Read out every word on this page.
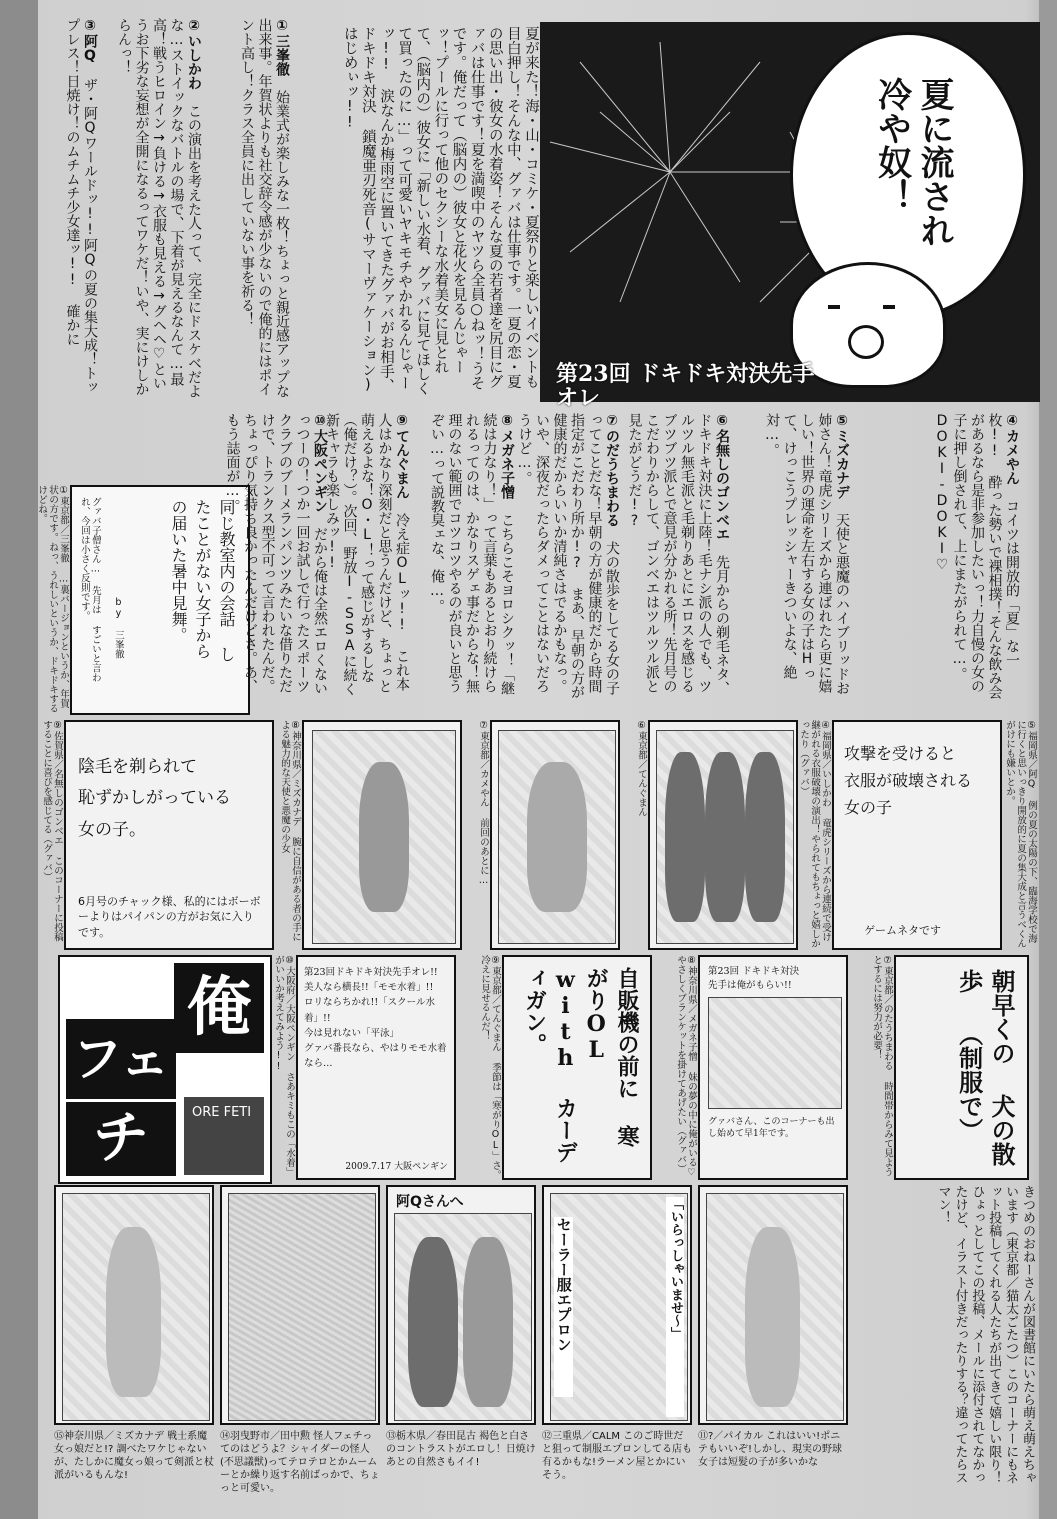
①三峯徹　始業式が楽しみな一枚！ちょっと親近感アップな出来事。年賀状よりも社交辞令感が少ないので俺的にはポイント高し！クラス全員に出していない事を祈る！
②いしかわ　この演出を考えた人って、完全にドスケベだよな…ストイックなバトルの場で、下着が見えるなんて…最高！戦うヒロイン→負ける→衣服も見える→グヘヘ♡というお下劣な妄想が全開になるってワケだ！いや、実にけしからんっ！
③阿Q　ザ・阿Qワールドッ!!阿Qの夏の集大成！トップレス！日焼け！のムチムチ少女達ッ!! 確かに	夏が来た！海・山・コミケ・夏祭りと楽しいイベントも目白押し！そんな中、グァバは仕事です。一夏の恋・夏の思い出・彼女の水着姿！そんな夏の若者達を尻目にグァバは仕事です！夏を満喫中のヤツら全員○ねッ！うそです。俺だって（脳内の）彼女と花火を見るんじゃーッ！プールに行って他のセクシーな水着美女に見とれて、（脳内の）彼女に「新しい水着、グァバに見てほしくて買ったのに…」って可愛いヤキモチやかれるんじゃーッ!! 涙なんか梅雨空に置いてきたグァバがお相手、ドキドキ対決 鎖魔亜刃死音(サマーヴァケーション)はじめぃッ!!	夏に流され冷や奴！
第23回 ドキドキ対決先手オレ
同じ教室内の会話 したことがない女子から の届いた暑中見舞。
by 三峯徹
グァバ子僧さん… 先月は すごいと言われ、今回は小さく反則です。
①東京都／三峯徹 …裏バージョンというか、年賀状の方です。ねっ、うれしいというか、ドキドキするけどね。
⑩大阪ペンギン　だから俺は全然エロくないっつーの！つか一回お試しで行ったスポーツクラブのブーメランパンツみたいな借りただけで、トランクス型不可って言われたんだ。ちょっぴり気持ち良かったんだけどさ。あ、もう誌面が…。	⑨てんぐまん　冷え症OLッ!! これ本人はかなり深刻だと思うんだけど、ちょっと萌えるよな！O・L！って感じがするしな（俺だけ？）。次回、野放I-SSAに続く新キャラも楽しみッ!!	⑧メガネ子憎　こちらこそヨロシクッ！「継続は力なり！」って言葉もあるとおり続けられるってのは、かなりスゲェ事だからな！無理のない範囲でコツコツやるのが良いと思うぞい…って説教臭ェな、俺…。	⑦のだうちまわる　犬の散歩をしてる女の子ってことだな！早朝の方が健康的だから時間指定がこだわり所か!? まあ、早朝の方が健康的だからいいか清純さはでるかもなっ。いや、深夜だったらダメってことはないだろうけど…。	⑥名無しのゴンベエ　先月からの剃毛ネタ、ドキドキ対決に上陸！毛ナシ派の人でも、ツルツル無毛派と毛剃りあとにエロスを感じるブツブツ派とで意見が分かれる所！先月号のこだわりからして、ゴンベエはツルツル派と見たがどうだ!?	⑤ミズカナデ　天使と悪魔のハイブリッドお姉さん！竜虎シリーズから連ばれたら更に嬉しい！世界の運命を左右する女の子はHって、けっこうプレッシャーきついよな、絶対…。	④カメやん　コイツは開放的「夏」な一枚!! 酔った勢いで裸相撲！そんな飲み会があるなら是非参加したいっ！力自慢の女の子に押し倒されて、上にまたがられて…。DOKI-DOKI♡
⑨佐賀県／名無しのゴンベエ このコーナーに投稿することに喜びを感じてる（グァバ）	陰毛を剃られて
恥ずかしがっている
女の子。
6月号のチャック様、私的にはボーボーよりはパイパンの方がお気に入りです。	⑧神奈川県／ミズカナデ 腕に自信がある者の手による魅力的な天使と悪魔の少女	⑦東京都／カメやん 前回のあとに…	⑥東京都／てんぐまん	④福岡県／いしかわ 竜虎シリーズから連続で受け継がれる衣服破壊の演出！やられてもちょっと嬉しかったり（グァバ）	攻撃を受けると
衣服が破壊される
女の子
ゲームネタです	⑤福岡県／阿Q 例の夏の太陽の下、臨海学校で海に行くと思いっきり開放的に夏の集大成と言うべくんがけにも嫌いとか。
俺
フェ
チ	ORE FETI	⑩大阪府／大阪ペンギン さあキミもこの「水着」がいいか考えてみよう!!	第23回ドキドキ対決先手オレ!!
美人なら横長!!「モモ水着」!!
ロリならちかれ!!「スクール水着」!!
今は見れない「平泳」
グァバ番長なら、やはりモモ水着なら…
2009.7.17 大阪ペンギン	⑨東京都／てんぐまん 季節は「寒がりOL」さ。冷えに見せるんだ！	自販機の前に 寒がりOL with カーディガン。	⑧神奈川県／メガネ子憎 妹の夢の中に俺がいる♡ やさしくブランケットを掛けてあげたい（グァバ）	第23回 ドキドキ対決
先手は俺がもらい!!
グァバさん、このコーナーも出し始めて早1年です。	⑦東京都／のたうちまわる 時間帯からみて見ようとするには努力が必要！	朝早くの 犬の散歩 （制服で）
⑮神奈川県／ミズカナデ 戦士系魔女っ娘だと!? 調べたワケじゃないが、たしかに魔女っ娘って剣派と杖派がいるもんな!
⑭羽曳野市／田中勲 怪人フェチってのはどうよ？シャイダーの怪人(不思議獣)ってテロテロとかムームーとか繰り返す名前ばっかで、ちょっと可愛い。
阿Qさんへ
⑬栃木県／春田昆古 褐色と白さのコントラストがエロし！日焼けあとの自然さもイイ!
「いらっしゃいませ〜」
セーラー服エプロン
⑫三重県／CALM このご時世だと狙って制服エプロンしてる店も有るかもな!ラーメン屋とかにいそう。
⑪?／パイカル これはいい!ポニテもいいぞ!しかし、現実の野球女子は短髪の子が多いかな	きつめのおねーさんが図書館にいたら萌え萌えちゃいます（東京都／猫太ごたつ）このコーナーにもネット投稿してくれる人たちが出てきて嬉しい限り！ひょっとしてこの投稿、メールに添付されてなかったけど、イラスト付きだったりする？違ってたらスマン！
